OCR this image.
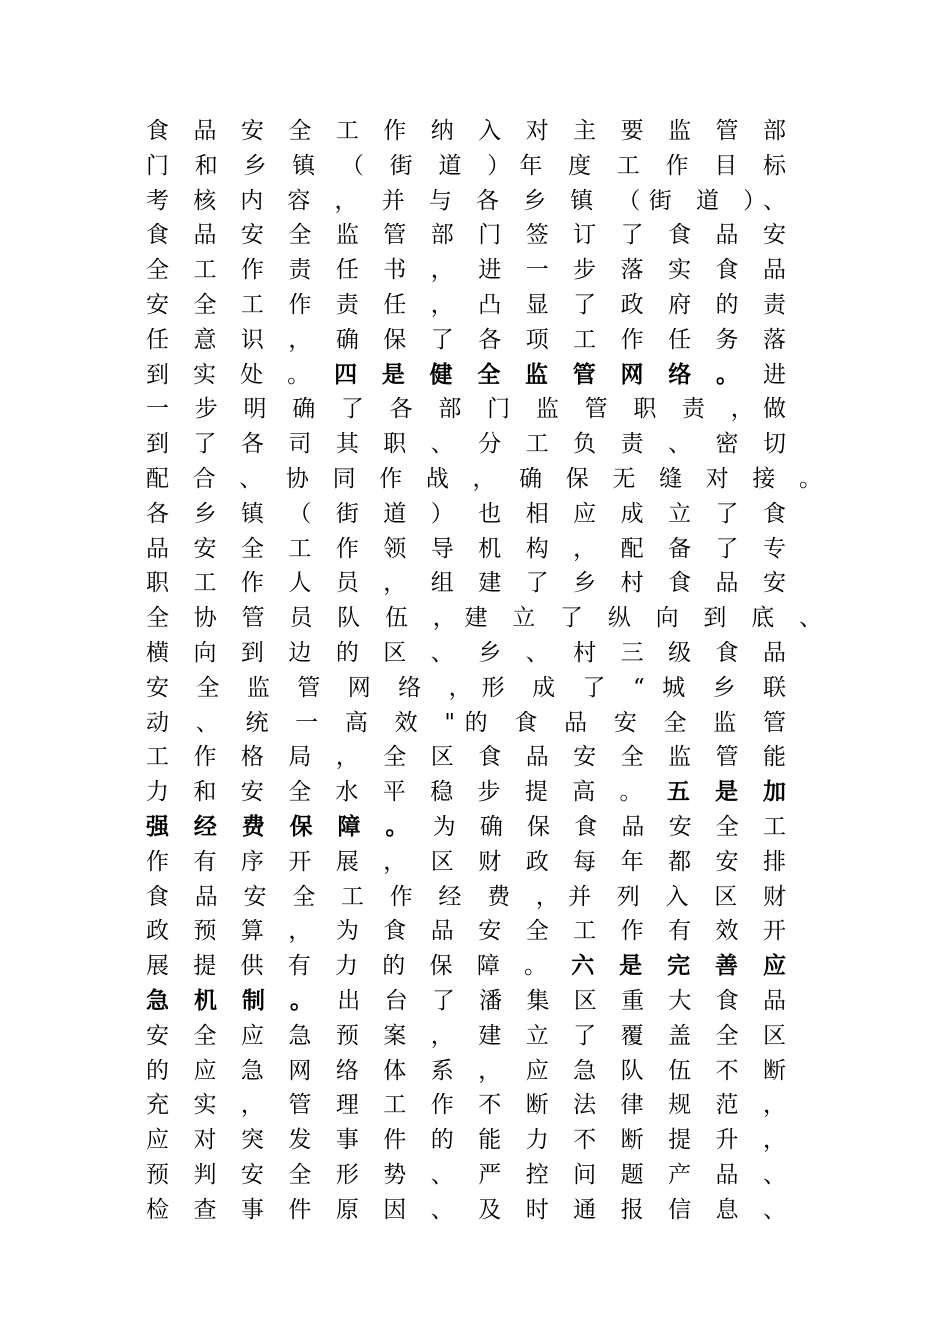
食 品 安 全 工 作 纳 入 对 主 要 监 管 部
门 和 乡 镇 （ 街 道 ）年 度 工 作 目 标
考 核 内 容 ， 并 与 各 乡 镇 （街 道 ）、
食 品 安 全 监 管 部 门 签 订 了 食 品 安
全 工 作 责 任 书 ， 进 一 步 落 实 食 品
安 全 工 作 责 任 ， 凸 显 了 政 府 的 责
任 意 识 ， 确 保 了 各 项 工 作 任 务 落
到 实 处 。 四 是 健 全 监 管 网 络 。 进
一 步 明 确 了 各 部 门 监 管 职 责 ，做
到 了 各 司 其 职 、 分 工 负 责 、 密 切
配 合 、 协 同 作 战 ， 确 保 无 缝 对 接 。
各 乡 镇 （ 街 道 ） 也 相 应 成 立 了 食
品 安 全 工 作 领 导 机 构 ， 配 备 了 专
职 工 作 人 员 ， 组 建 了 乡 村 食 品 安
全 协 管 员 队 伍 ，建 立 了 纵 向 到 底 、
横 向 到 边 的 区 、 乡 、 村 三 级 食 品
安 全 监 管 网 络 ，形 成 了 “ 城 乡 联
动 、 统 一 高 效 "的 食 品 安 全 监 管
工 作 格 局 ， 全 区 食 品 安 全 监 管 能
力 和 安 全 水 平 稳 步 提 高 。 五 是 加
强 经 费 保 障 。 为 确 保 食 品 安 全 工
作 有 序 开 展 ， 区 财 政 每 年 都 安 排
食 品 安 全 工 作 经 费 ，并 列 入 区 财
政 预 算 ， 为 食 品 安 全 工 作 有 效 开
展 提 供 有 力 的 保 障 。 六 是 完 善 应
急 机 制 。 出 台 了 潘 集 区 重 大 食 品
安 全 应 急 预 案 ， 建 立 了 覆 盖 全 区
的 应 急 网 络 体 系 ， 应 急 队 伍 不 断
充 实 ， 管 理 工 作 不 断 法 律 规 范 ，
应 对 突 发 事 件 的 能 力 不 断 提 升 ，
预 判 安 全 形 势 、 严 控 问 题 产 品 、
检 查 事 件 原 因 、 及 时 通 报 信 息 、
